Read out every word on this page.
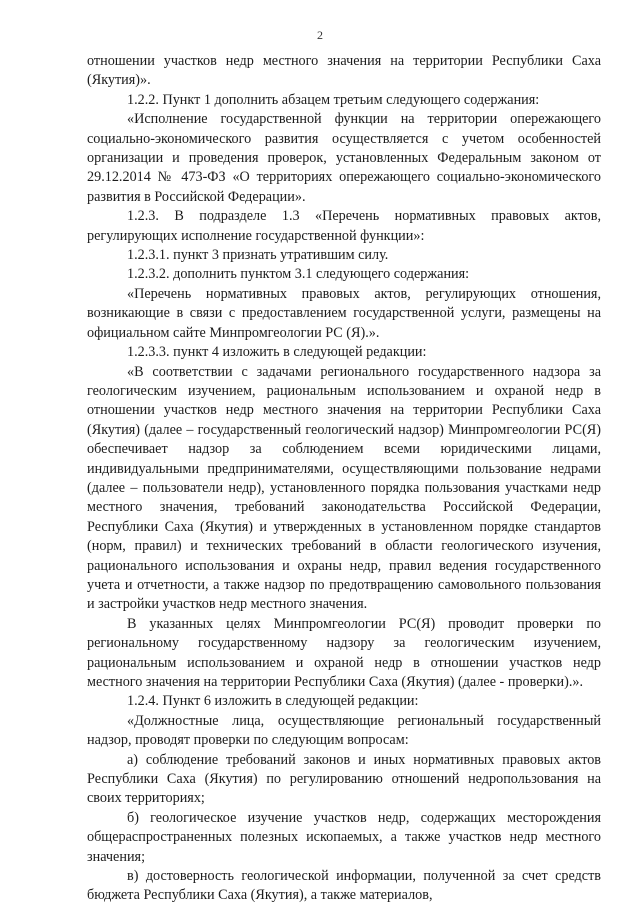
2

отношении участков недр местного значения на территории Республики Саха (Якутия)».

1.2.2. Пункт 1 дополнить абзацем третьим следующего содержания:

«Исполнение государственной функции на территории опережающего социально-экономического развития осуществляется с учетом особенностей организации и проведения проверок, установленных Федеральным законом от 29.12.2014 № 473-ФЗ «О территориях опережающего социально-экономического развития в Российской Федерации».

1.2.3. В подразделе 1.3 «Перечень нормативных правовых актов, регулирующих исполнение государственной функции»:

1.2.3.1. пункт 3 признать утратившим силу.

1.2.3.2. дополнить пунктом 3.1 следующего содержания:

«Перечень нормативных правовых актов, регулирующих отношения, возникающие в связи с предоставлением государственной услуги, размещены на официальном сайте Минпромгеологии РС (Я).».

1.2.3.3. пункт 4 изложить в следующей редакции:

«В соответствии с задачами регионального государственного надзора за геологическим изучением, рациональным использованием и охраной недр в отношении участков недр местного значения на территории Республики Саха (Якутия) (далее – государственный геологический надзор) Минпромгеологии РС(Я) обеспечивает надзор за соблюдением всеми юридическими лицами, индивидуальными предпринимателями, осуществляющими пользование недрами (далее – пользователи недр), установленного порядка пользования участками недр местного значения, требований законодательства Российской Федерации, Республики Саха (Якутия) и утвержденных в установленном порядке стандартов (норм, правил) и технических требований в области геологического изучения, рационального использования и охраны недр, правил ведения государственного учета и отчетности, а также надзор по предотвращению самовольного пользования и застройки участков недр местного значения.

В указанных целях Минпромгеологии РС(Я) проводит проверки по региональному государственному надзору за геологическим изучением, рациональным использованием и охраной недр в отношении участков недр местного значения на территории Республики Саха (Якутия) (далее - проверки).».

1.2.4. Пункт 6 изложить в следующей редакции:

«Должностные лица, осуществляющие региональный государственный надзор, проводят проверки по следующим вопросам:

а) соблюдение требований законов и иных нормативных правовых актов Республики Саха (Якутия) по регулированию отношений недропользования на своих территориях;

б) геологическое изучение участков недр, содержащих месторождения общераспространенных полезных ископаемых, а также участков недр местного значения;

в) достоверность геологической информации, полученной за счет средств бюджета Республики Саха (Якутия), а также материалов,
